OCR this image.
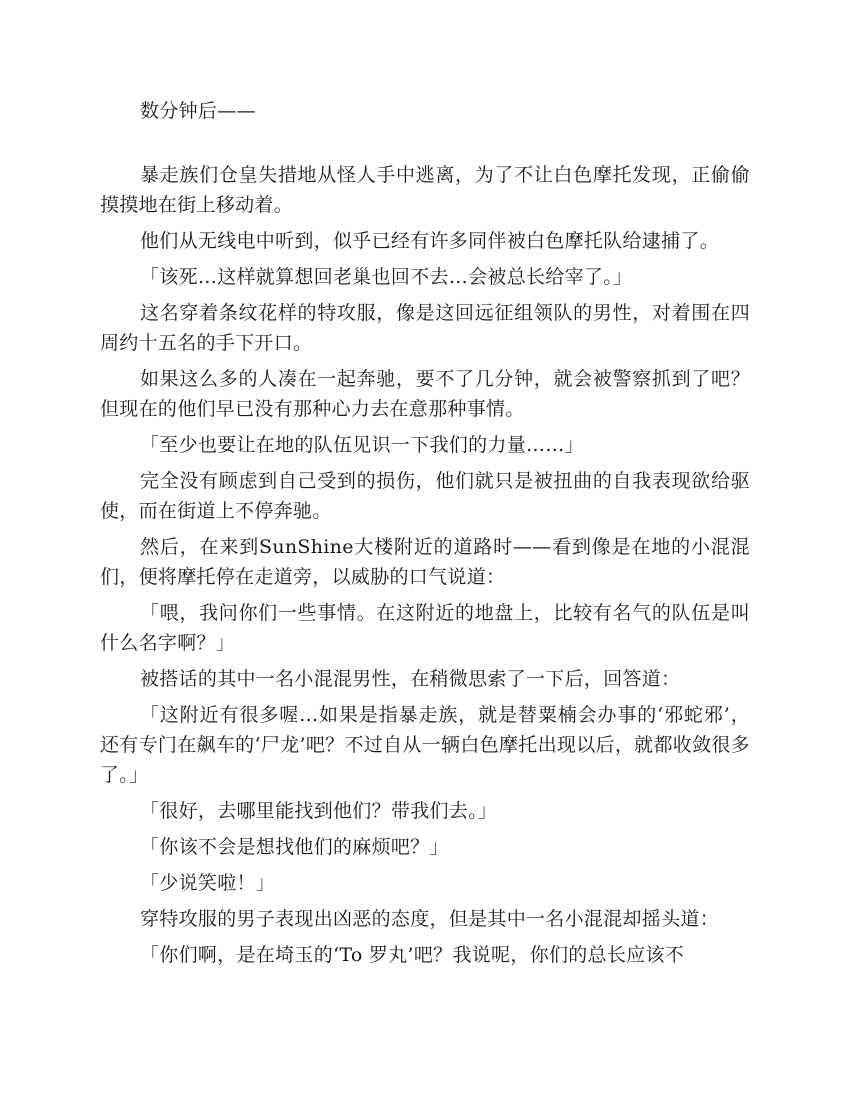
数分钟后——

暴走族们仓皇失措地从怪人手中逃离，为了不让白色摩托发现，正偷偷摸摸地在街上移动着。

他们从无线电中听到，似乎已经有许多同伴被白色摩托队给逮捕了。

「该死…这样就算想回老巢也回不去…会被总长给宰了。」

这名穿着条纹花样的特攻服，像是这回远征组领队的男性，对着围在四周约十五名的手下开口。

如果这么多的人凑在一起奔驰，要不了几分钟，就会被警察抓到了吧？但现在的他们早已没有那种心力去在意那种事情。

「至少也要让在地的队伍见识一下我们的力量……」

完全没有顾虑到自己受到的损伤，他们就只是被扭曲的自我表现欲给驱使，而在街道上不停奔驰。

然后，在来到SunShine大楼附近的道路时——看到像是在地的小混混们，便将摩托停在走道旁，以威胁的口气说道：

「喂，我问你们一些事情。在这附近的地盘上，比较有名气的队伍是叫什么名字啊？」

被搭话的其中一名小混混男性，在稍微思索了一下后，回答道：

「这附近有很多喔…如果是指暴走族，就是替粟楠会办事的‘邪蛇邪’，还有专门在飙车的‘尸龙’吧？不过自从一辆白色摩托出现以后，就都收敛很多了。」

「很好，去哪里能找到他们？带我们去。」

「你该不会是想找他们的麻烦吧？」

「少说笑啦！」

穿特攻服的男子表现出凶恶的态度，但是其中一名小混混却摇头道：

「你们啊，是在埼玉的‘To 罗丸’吧？我说呢，你们的总长应该不
